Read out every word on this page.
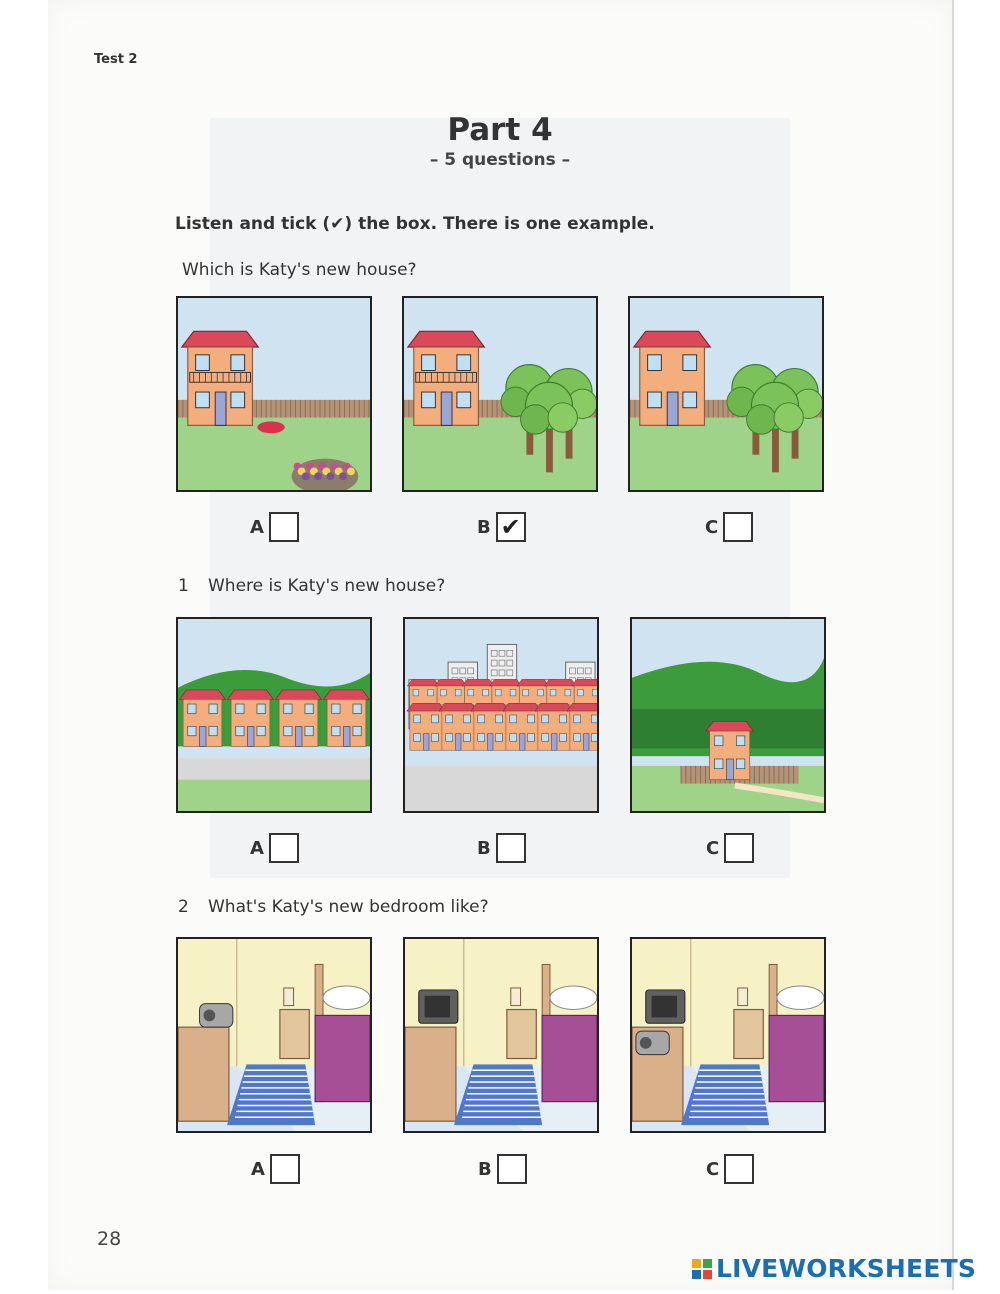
Test 2
Part 4
– 5 questions –
Listen and tick (✔) the box. There is one example.
Which is Katy's new house?
A	B ✔	C
1 Where is Katy's new house?
A	B	C
2 What's Katy's new bedroom like?
A	B	C
28
LIVEWORKSHEETS
